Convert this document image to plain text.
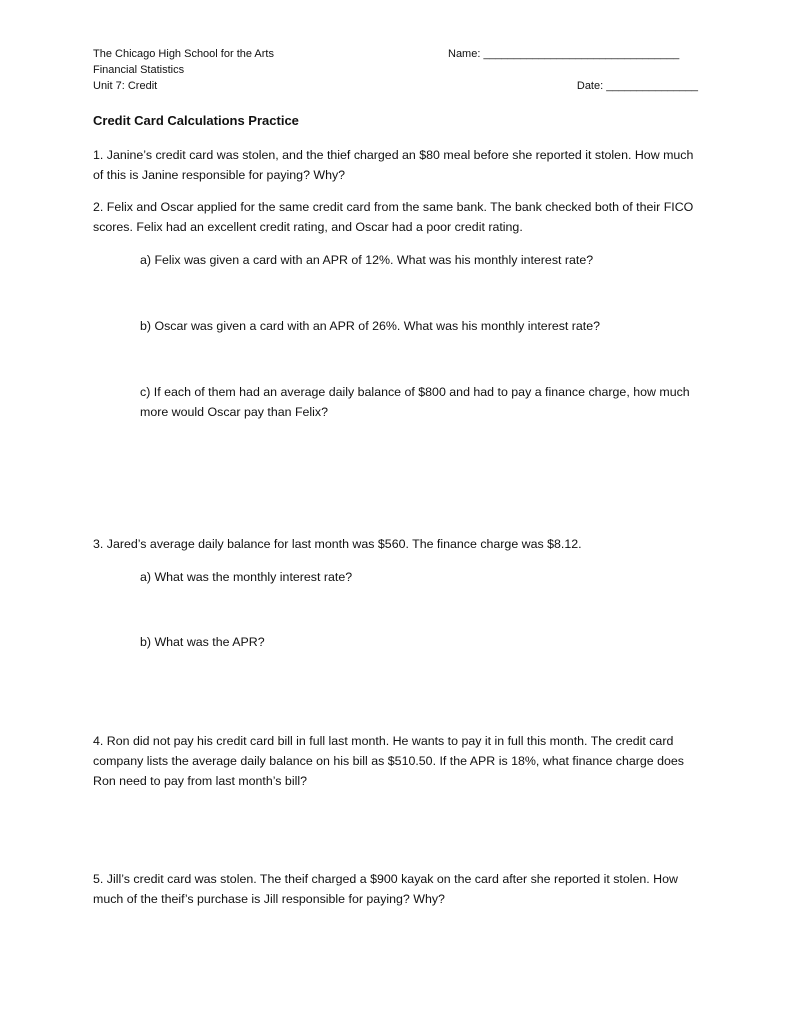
The Chicago High School for the Arts
Financial Statistics
Unit 7: Credit
Name: ________________________________
Date: _______________
Credit Card Calculations Practice
1. Janine’s credit card was stolen, and the thief charged an $80 meal before she reported it stolen. How much of this is Janine responsible for paying? Why?
2. Felix and Oscar applied for the same credit card from the same bank. The bank checked both of their FICO scores. Felix had an excellent credit rating, and Oscar had a poor credit rating.
a) Felix was given a card with an APR of 12%. What was his monthly interest rate?
b) Oscar was given a card with an APR of 26%. What was his monthly interest rate?
c) If each of them had an average daily balance of $800 and had to pay a finance charge, how much more would Oscar pay than Felix?
3. Jared’s average daily balance for last month was $560. The finance charge was $8.12.
a) What was the monthly interest rate?
b) What was the APR?
4. Ron did not pay his credit card bill in full last month. He wants to pay it in full this month. The credit card company lists the average daily balance on his bill as $510.50. If the APR is 18%, what finance charge does Ron need to pay from last month’s bill?
5. Jill’s credit card was stolen. The theif charged a $900 kayak on the card after she reported it stolen. How much of the theif’s purchase is Jill responsible for paying? Why?
